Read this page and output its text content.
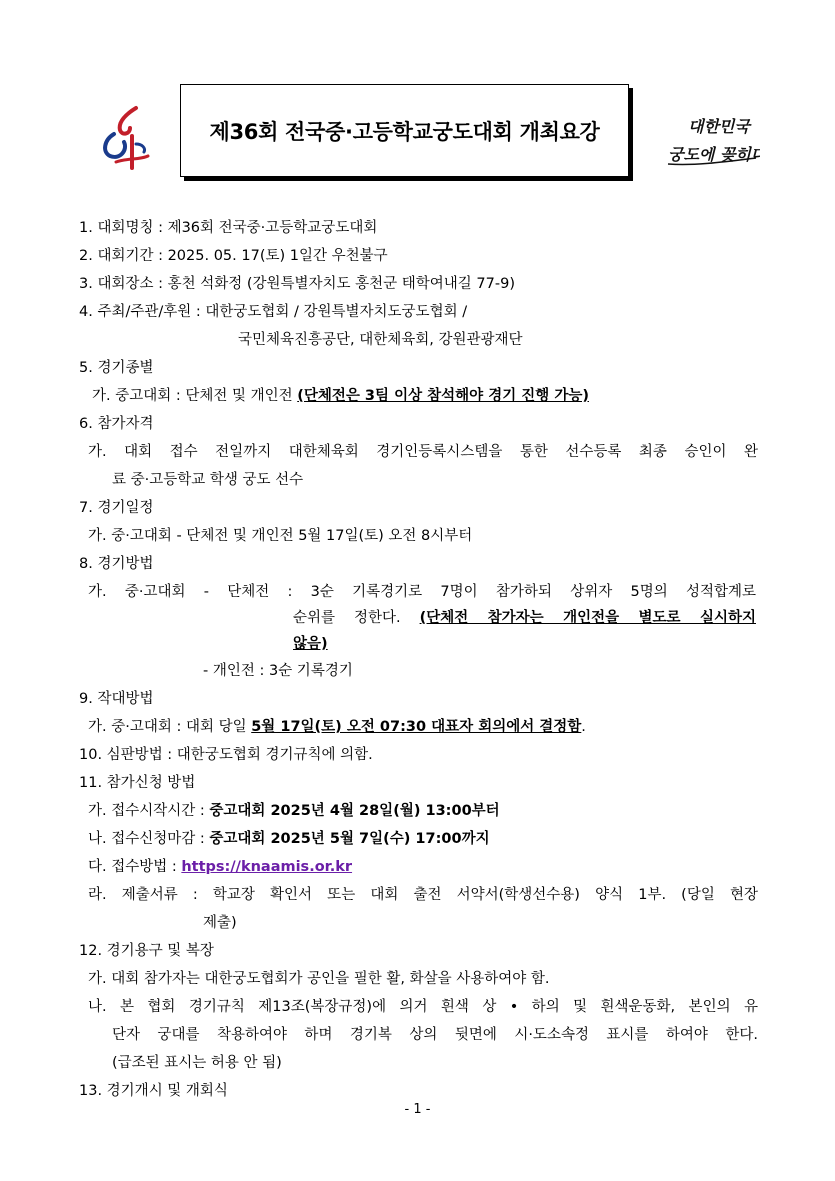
제36회 전국중·고등학교궁도대회 개최요강	대한민국
궁도에 꽂히다
1. 대회명칭 : 제36회 전국중·고등학교궁도대회
2. 대회기간 : 2025. 05. 17(토) 1일간 우천불구
3. 대회장소 : 홍천 석화정 (강원특별자치도 홍천군 태학여내길 77-9)
4. 주최/주관/후원 : 대한궁도협회 / 강원특별자치도궁도협회 /
국민체육진흥공단, 대한체육회, 강원관광재단
5. 경기종별
가. 중고대회 : 단체전 및 개인전 (단체전은 3팀 이상 참석해야 경기 진행 가능)
6. 참가자격
가. 대회 접수 전일까지 대한체육회 경기인등록시스템을 통한 선수등록 최종 승인이 완
료 중·고등학교 학생 궁도 선수
7. 경기일정
가. 중·고대회 - 단체전 및 개인전 5월 17일(토) 오전 8시부터
8. 경기방법
가. 중·고대회 - 단체전 : 3순 기록경기로 7명이 참가하되 상위자 5명의 성적합계로
순위를 정한다. (단체전 참가자는 개인전을 별도로 실시하지
않음)
- 개인전 : 3순 기록경기
9. 작대방법
가. 중·고대회 : 대회 당일 5월 17일(토) 오전 07:30 대표자 회의에서 결정함.
10. 심판방법 : 대한궁도협회 경기규칙에 의함.
11. 참가신청 방법
가. 접수시작시간 : 중고대회 2025년 4월 28일(월) 13:00부터
나. 접수신청마감 : 중고대회 2025년 5월 7일(수) 17:00까지
다. 접수방법 : https://knaamis.or.kr
라. 제출서류 : 학교장 확인서 또는 대회 출전 서약서(학생선수용) 양식 1부. (당일 현장
제출)
12. 경기용구 및 복장
가. 대회 참가자는 대한궁도협회가 공인을 필한 활, 화살을 사용하여야 함.
나. 본 협회 경기규칙 제13조(복장규정)에 의거 흰색 상 • 하의 및 흰색운동화, 본인의 유
단자 궁대를 착용하여야 하며 경기복 상의 뒷면에 시·도소속정 표시를 하여야 한다.
(급조된 표시는 허용 안 됨)
13. 경기개시 및 개회식
- 1 -
